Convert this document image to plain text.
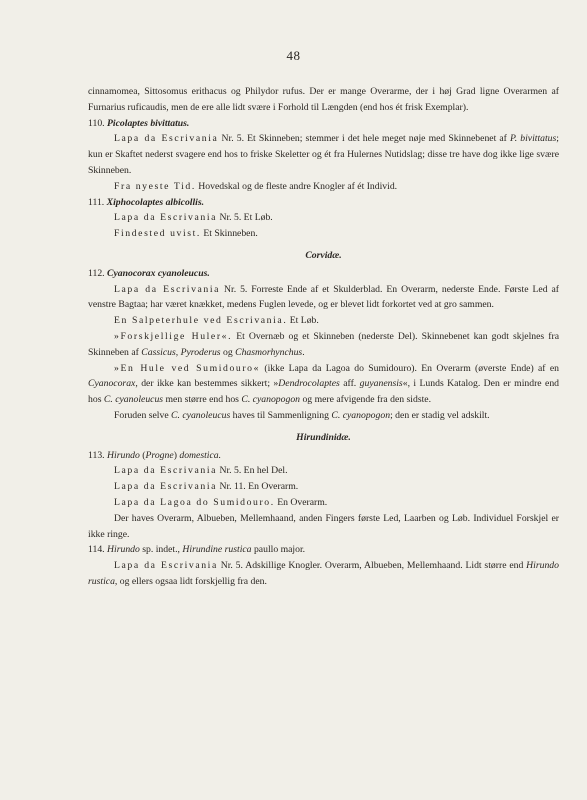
48

cinnamomea, Sittosomus erithacus og Philydor rufus. Der er mange Overarme, der i høj Grad ligne Overarmen af Furnarius ruficaudis, men de ere alle lidt svære i Forhold til Længden (end hos ét frisk Exemplar).

110. Picolaptes bivittatus.

Lapa da Escrivania Nr. 5. Et Skinneben; stemmer i det hele meget nøje med Skinnebenet af P. bivittatus; kun er Skaftet nederst svagere end hos to friske Skeletter og ét fra Hulernes Nutidslag; disse tre have dog ikke lige svære Skinneben.

Fra nyeste Tid. Hovedskal og de fleste andre Knogler af ét Individ.

111. Xiphocolaptes albicollis.

Lapa da Escrivania Nr. 5. Et Løb.

Findested uvist. Et Skinneben.

Corvidæ.

112. Cyanocorax cyanoleucus.

Lapa da Escrivania Nr. 5. Forreste Ende af et Skulderblad. En Overarm, nederste Ende. Første Led af venstre Bagtaa; har været knækket, medens Fuglen levede, og er blevet lidt forkortet ved at gro sammen.

En Salpeterhule ved Escrivania. Et Løb.

»Forskjellige Huler«. Et Overnæb og et Skinneben (nederste Del). Skinnebenet kan godt skjelnes fra Skinneben af Cassicus, Pyroderus og Chasmorhynchus.

»En Hule ved Sumidouro« (ikke Lapa da Lagoa do Sumidouro). En Overarm (øverste Ende) af en Cyanocorax, der ikke kan bestemmes sikkert; »Dendrocolaptes aff. guyanensis«, i Lunds Katalog. Den er mindre end hos C. cyanoleucus men større end hos C. cyanopogon og mere afvigende fra den sidste.

Foruden selve C. cyanoleucus haves til Sammenligning C. cyanopogon; den er stadig vel adskilt.

Hirundinidæ.

113. Hirundo (Progne) domestica.

Lapa da Escrivania Nr. 5. En hel Del.

Lapa da Escrivania Nr. 11. En Overarm.

Lapa da Lagoa do Sumidouro. En Overarm.

Der haves Overarm, Albueben, Mellemhaand, anden Fingers første Led, Laarben og Løb. Individuel Forskjel er ikke ringe.

114. Hirundo sp. indet., Hirundine rustica paullo major.

Lapa da Escrivania Nr. 5. Adskillige Knogler. Overarm, Albueben, Mellemhaand. Lidt større end Hirundo rustica, og ellers ogsaa lidt forskjellig fra den.
